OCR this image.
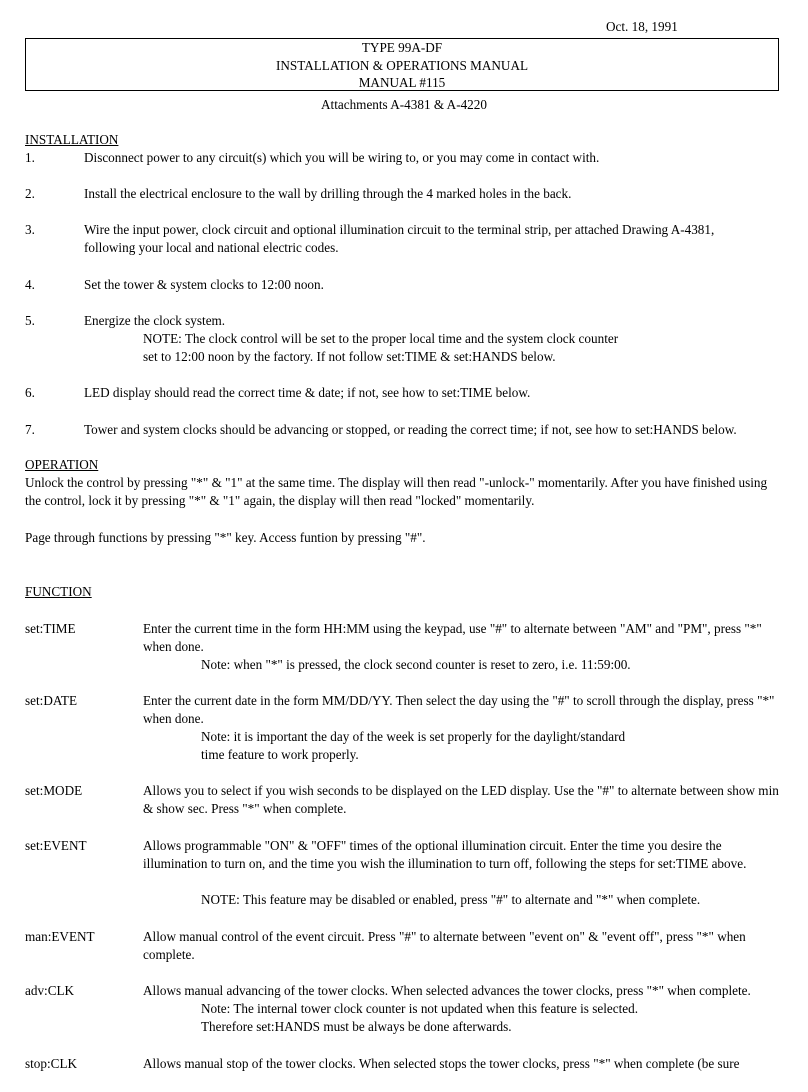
Oct. 18, 1991
TYPE 99A-DF
INSTALLATION & OPERATIONS MANUAL
MANUAL #115
Attachments A-4381 & A-4220
INSTALLATION
1.	Disconnect power to any circuit(s) which you will be wiring to, or you may come in contact with.
2.	Install the electrical enclosure to the wall by drilling through the 4 marked holes in the back.
3.	Wire the input power, clock circuit and optional illumination circuit to the terminal strip, per attached Drawing A-4381,
following your local and national electric codes.
4.	Set the tower & system clocks to 12:00 noon.
5.	Energize the clock system.
NOTE: The clock control will be set to the proper local time and the system clock counter
set to 12:00 noon by the factory. If not follow set:TIME & set:HANDS below.
6.	LED display should read the correct time & date; if not, see how to set:TIME below.
7.	Tower and system clocks should be advancing or stopped, or reading the correct time; if not, see how to set:HANDS below.
OPERATION
Unlock the control by pressing "*" & "1" at the same time. The display will then read "-unlock-" momentarily. After you have finished using the control, lock it by pressing "*" & "1" again, the display will then read "locked" momentarily.
Page through functions by pressing "*" key. Access funtion by pressing "#".
FUNCTION
set:TIME	Enter the current time in the form HH:MM using the keypad, use "#" to alternate between "AM" and "PM", press "*" when done.
Note: when "*" is pressed, the clock second counter is reset to zero, i.e. 11:59:00.
set:DATE	Enter the current date in the form MM/DD/YY. Then select the day using the "#" to scroll through the display, press "*" when done.
Note: it is important the day of the week is set properly for the daylight/standard
time feature to work properly.
set:MODE	Allows you to select if you wish seconds to be displayed on the LED display. Use the "#" to alternate between show min & show sec. Press "*" when complete.
set:EVENT	Allows programmable "ON" & "OFF" times of the optional illumination circuit. Enter the time you desire the illumination to turn on, and the time you wish the illumination to turn off, following the steps for set:TIME above.
NOTE: This feature may be disabled or enabled, press "#" to alternate and "*" when complete.
man:EVENT	Allow manual control of the event circuit. Press "#" to alternate between "event on" & "event off", press "*" when complete.
adv:CLK	Allows manual advancing of the tower clocks. When selected advances the tower clocks, press "*" when complete.
Note: The internal tower clock counter is not updated when this feature is selected.
Therefore set:HANDS must be always be done afterwards.
stop:CLK	Allows manual stop of the tower clocks. When selected stops the tower clocks, press "*" when complete (be sure
